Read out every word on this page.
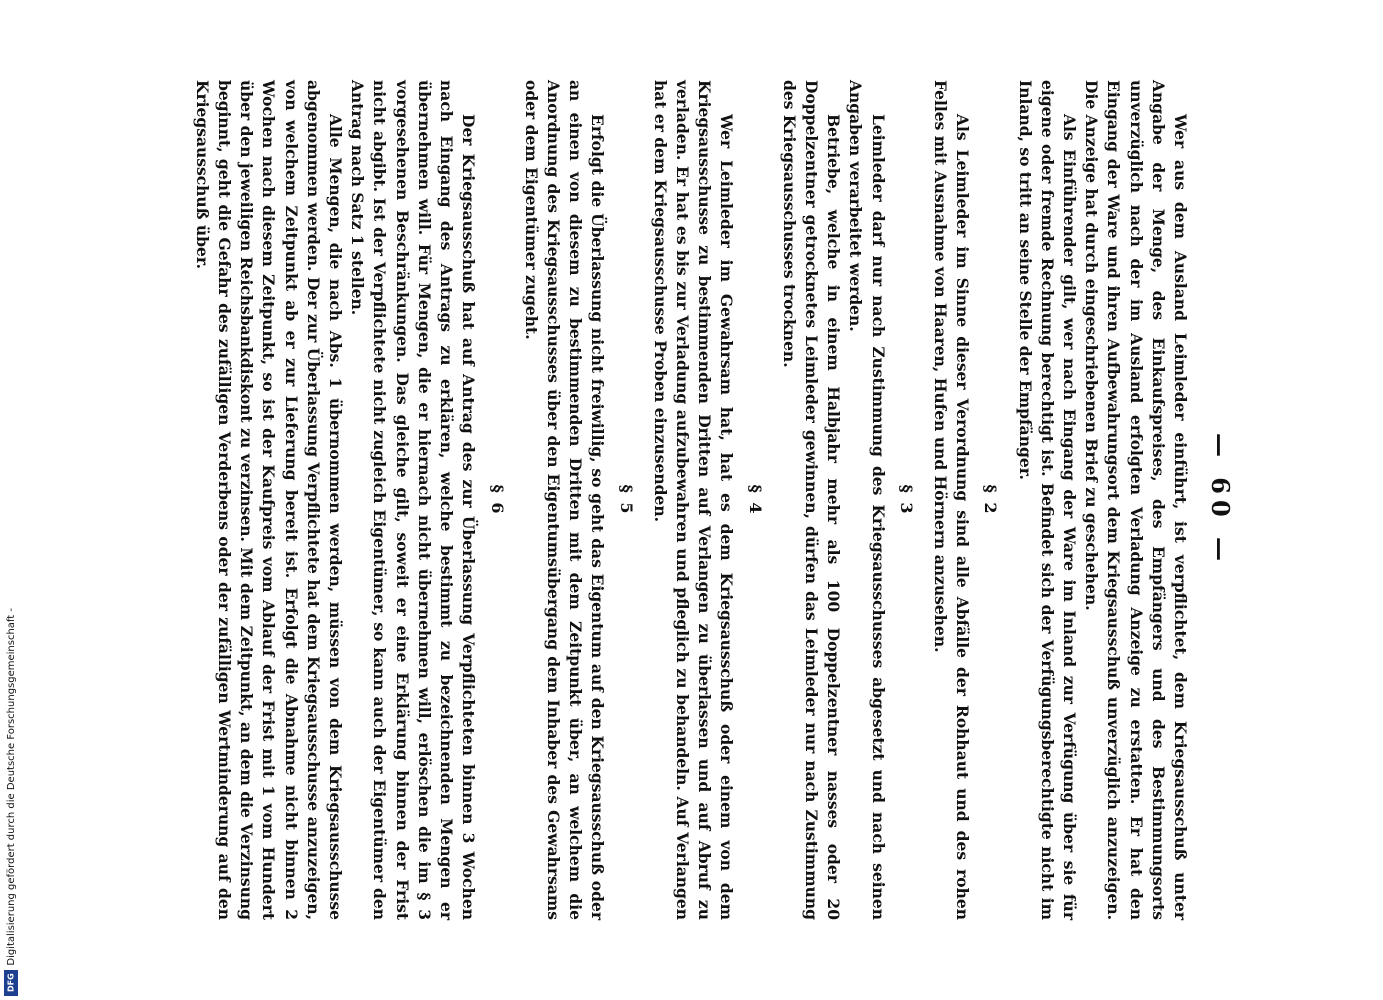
— 60 —
Wer aus dem Ausland Leimleder einführt, ist verpflichtet, dem Kriegsausschuß unter Angabe der Menge, des Einkaufspreises, des Empfängers und des Bestimmungsorts unverzüglich nach der im Ausland erfolgten Verladung Anzeige zu erstatten. Er hat den Eingang der Ware und ihren Aufbewahrungsort dem Kriegsausschuß unverzüglich anzuzeigen. Die Anzeige hat durch eingeschriebenen Brief zu geschehen.
Als Einführender gilt, wer nach Eingang der Ware im Inland zur Verfügung über sie für eigene oder fremde Rechnung berechtigt ist. Befindet sich der Verfügungsberechtigte nicht im Inland, so tritt an seine Stelle der Empfänger.
§ 2
Als Leimleder im Sinne dieser Verordnung sind alle Abfälle der Rohhaut und des rohen Felles mit Ausnahme von Haaren, Hufen und Hörnern anzusehen.
§ 3
Leimleder darf nur nach Zustimmung des Kriegsausschusses abgesetzt und nach seinen Angaben verarbeitet werden.
Betriebe, welche in einem Halbjahr mehr als 100 Doppelzentner nasses oder 20 Doppelzentner getrocknetes Leimleder gewinnen, dürfen das Leimleder nur nach Zustimmung des Kriegsausschusses trocknen.
§ 4
Wer Leimleder im Gewahrsam hat, hat es dem Kriegsausschuß oder einem von dem Kriegsausschusse zu bestimmenden Dritten auf Verlangen zu überlassen und auf Abruf zu verladen. Er hat es bis zur Verladung aufzubewahren und pfleglich zu behandeln. Auf Verlangen hat er dem Kriegsausschusse Proben einzusenden.
§ 5
Erfolgt die Überlassung nicht freiwillig, so geht das Eigentum auf den Kriegsausschuß oder an einen von diesem zu bestimmenden Dritten mit dem Zeitpunkt über, an welchem die Anordnung des Kriegsausschusses über den Eigentumsübergang dem Inhaber des Gewahrsams oder dem Eigentümer zugeht.
§ 6
Der Kriegsausschuß hat auf Antrag des zur Überlassung Verpflichteten binnen 3 Wochen nach Eingang des Antrags zu erklären, welche bestimmt zu bezeichnenden Mengen er übernehmen will. Für Mengen, die er hiernach nicht übernehmen will, erlöschen die im § 3 vorgesehenen Beschränkungen. Das gleiche gilt, soweit er eine Erklärung binnen der Frist nicht abgibt. Ist der Verpflichtete nicht zugleich Eigentümer, so kann auch der Eigentümer den Antrag nach Satz 1 stellen.
Alle Mengen, die nach Abs. 1 übernommen werden, müssen von dem Kriegsausschusse abgenommen werden. Der zur Überlassung Verpflichtete hat dem Kriegsausschusse anzuzeigen, von welchem Zeitpunkt ab er zur Lieferung bereit ist. Erfolgt die Abnahme nicht binnen 2 Wochen nach diesem Zeitpunkt, so ist der Kaufpreis vom Ablauf der Frist mit 1 vom Hundert über den jeweiligen Reichsbankdiskont zu verzinsen. Mit dem Zeitpunkt, an dem die Verzinsung beginnt, geht die Gefahr des zufälligen Verderbens oder der zufälligen Wertminderung auf den Kriegsausschuß über.
DFG
Digitalisierung gefördert durch die Deutsche Forschungsgemeinschaft -
